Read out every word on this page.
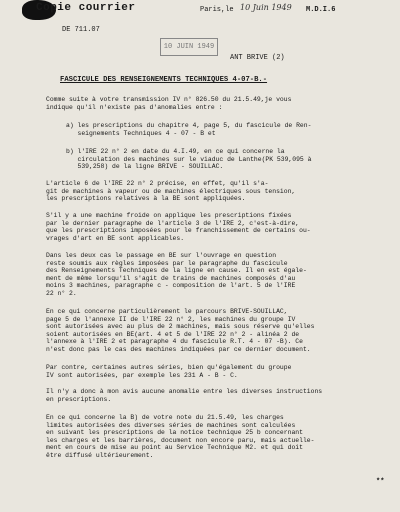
Copie courrier	Paris,le 10 Juin 1949 M.D.I.6
DE 711.07
10 JUIN 1949
ANT BRIVE (2)
FASCICULE DES RENSEIGNEMENTS TECHNIQUES 4-07-B.-
Comme suite à votre transmission IV n° 826.50 du 21.5.49,je vous
indique qu'il n'existe pas d'anomalies entre :
a) les prescriptions du chapitre 4, page 5, du fascicule de Ren-
seignements Techniques 4 - 07 - B et
b) l'IRE 22 n° 2 en date du 4.I.49, en ce qui concerne la
circulation des machines sur le viaduc de Lanthe(PK 539,095 à
539,258) de la ligne BRIVE - SOUILLAC.
L'article 6 de l'IRE 22 n° 2 précise, en effet, qu'il s'a-
git de machines à vapeur ou de machines électriques sous tension,
les prescriptions relatives à la BE sont appliquées.
S'il y a une machine froide on applique les prescriptions fixées
par le dernier paragraphe de l'article 3 de l'IRE 2, c'est-à-dire,
que les prescriptions imposées pour le franchissement de certains ou-
vrages d'art en BE sont applicables.
Dans les deux cas le passage en BE sur l'ouvrage en question
reste soumis aux règles imposées par le paragraphe du fascicule
des Renseignements Techniques de la ligne en cause. Il en est égale-
ment de même lorsqu'il s'agit de trains de machines composés d'au
moins 3 machines, paragraphe c - composition de l'art. 5 de l'IRE
22 n° 2.
En ce qui concerne particulièrement le parcours BRIVE-SOUILLAC,
page 5 de l'annexe II de l'IRE 22 n° 2, les machines du groupe IV
sont autorisées avec au plus de 2 machines, mais sous réserve qu'elles
soient autorisées en BE(art. 4 et 5 de l'IRE 22 n° 2 - alinéa 2 de
l'annexe à l'IRE 2 et paragraphe 4 du fascicule R.T. 4 - 07 -B). Ce
n'est donc pas le cas des machines indiquées par ce dernier document.
Par contre, certaines autres séries, bien qu'également du groupe
IV sont autorisées, par exemple les 231 A - B - C.
Il n'y a donc à mon avis aucune anomalie entre les diverses instructions
en prescriptions.
En ce qui concerne la B) de votre note du 21.5.49, les charges
limites autorisées des diverses séries de machines sont calculées
en suivant les prescriptions de la notice technique 25 b concernant
les charges et les barrières, document non encore paru, mais actuelle-
ment en cours de mise au point au Service Technique M2. et qui doit
être diffusé ultérieurement.
**
